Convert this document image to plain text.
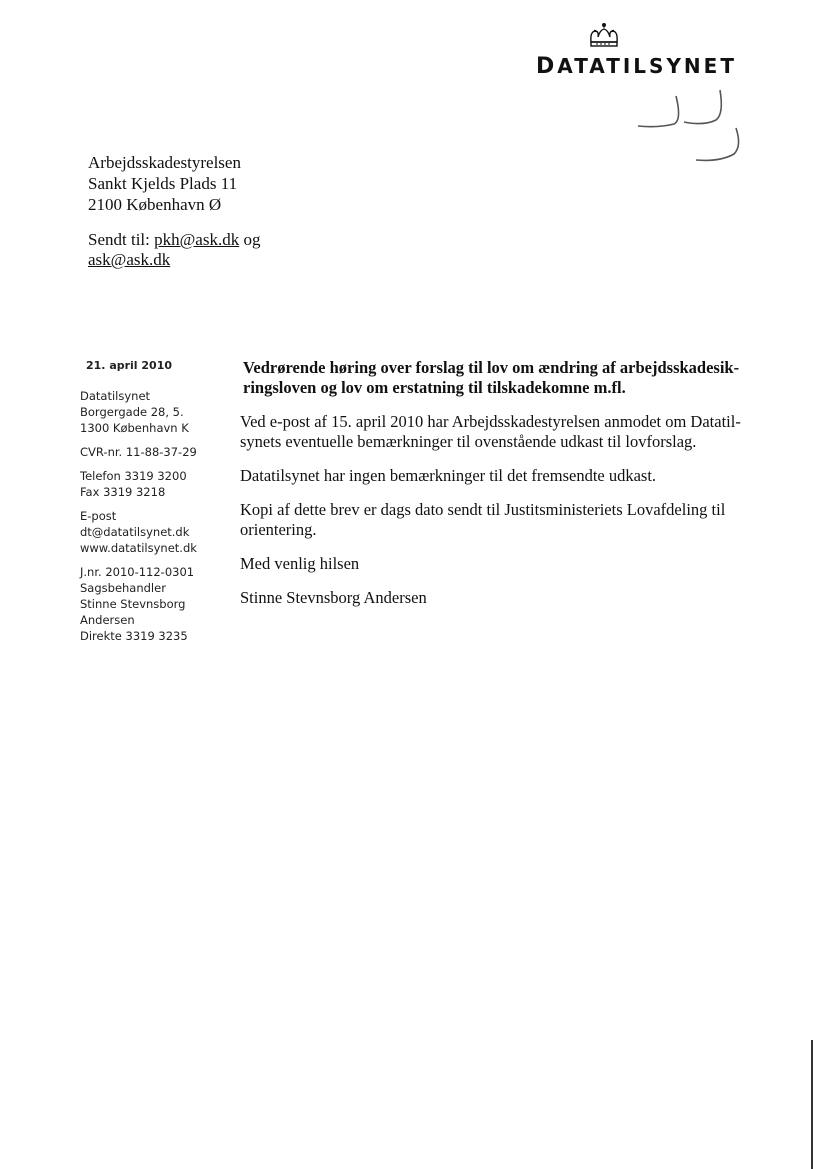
DATATILSYNET
Arbejdsskadestyrelsen
Sankt Kjelds Plads 11
2100 København Ø
Sendt til: pkh@ask.dk og
ask@ask.dk
21. april 2010
Datatilsynet
Borgergade 28, 5.
1300 København K
CVR-nr. 11-88-37-29
Telefon 3319 3200
Fax 3319 3218
E-post
dt@datatilsynet.dk
www.datatilsynet.dk
J.nr. 2010-112-0301
Sagsbehandler
Stinne Stevnsborg
Andersen
Direkte 3319 3235
Vedrørende høring over forslag til lov om ændring af arbejdsskadesik-ringsloven og lov om erstatning til tilskadekomne m.fl.

Ved e-post af 15. april 2010 har Arbejdsskadestyrelsen anmodet om Datatil-synets eventuelle bemærkninger til ovenstående udkast til lovforslag.

Datatilsynet har ingen bemærkninger til det fremsendte udkast.

Kopi af dette brev er dags dato sendt til Justitsministeriets Lovafdeling til orientering.

Med venlig hilsen

Stinne Stevnsborg Andersen
